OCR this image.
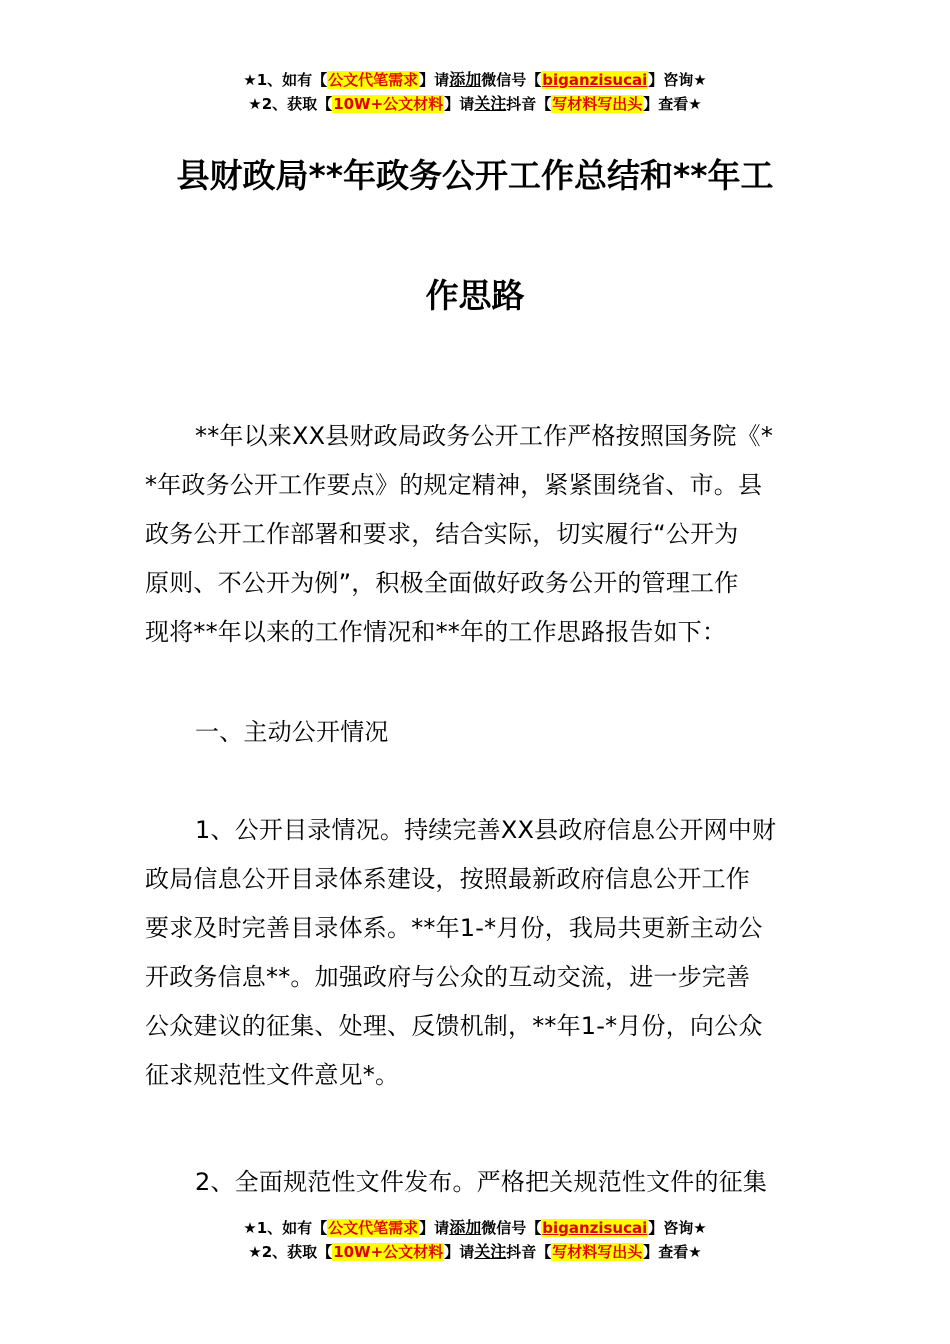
★1、如有【公文代笔需求】请添加微信号【biganzisucai】咨询★
★2、获取【10W+公文材料】请关注抖音【写材料写出头】查看★
县财政局**年政务公开工作总结和**年工
作思路
**年以来XX县财政局政务公开工作严格按照国务院《*
*年政务公开工作要点》的规定精神，紧紧围绕省、市。县
政务公开工作部署和要求，结合实际，切实履行“公开为
原则、不公开为例”，积极全面做好政务公开的管理工作
现将**年以来的工作情况和**年的工作思路报告如下：
一、主动公开情况
1、公开目录情况。持续完善XX县政府信息公开网中财
政局信息公开目录体系建设，按照最新政府信息公开工作
要求及时完善目录体系。**年1-*月份，我局共更新主动公
开政务信息**。加强政府与公众的互动交流，进一步完善
公众建议的征集、处理、反馈机制，**年1-*月份，向公众
征求规范性文件意见*。
2、全面规范性文件发布。严格把关规范性文件的征集
★1、如有【公文代笔需求】请添加微信号【biganzisucai】咨询★
★2、获取【10W+公文材料】请关注抖音【写材料写出头】查看★
